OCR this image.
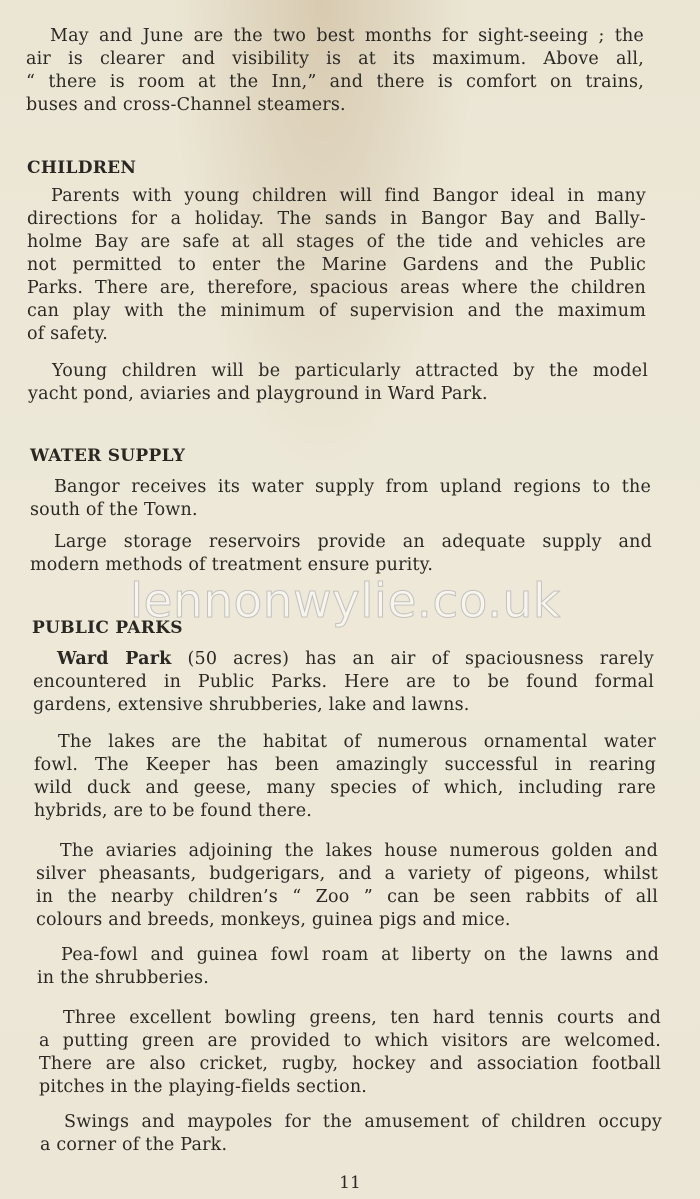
May and June are the two best months for sight-seeing ; the
air is clearer and visibility is at its maximum. Above all,
“ there is room at the Inn,” and there is comfort on trains,
buses and cross-Channel steamers.
CHILDREN
Parents with young children will find Bangor ideal in many
directions for a holiday. The sands in Bangor Bay and Bally-
holme Bay are safe at all stages of the tide and vehicles are
not permitted to enter the Marine Gardens and the Public
Parks. There are, therefore, spacious areas where the children
can play with the minimum of supervision and the maximum
of safety.
Young children will be particularly attracted by the model
yacht pond, aviaries and playground in Ward Park.
WATER SUPPLY
Bangor receives its water supply from upland regions to the
south of the Town.
Large storage reservoirs provide an adequate supply and
modern methods of treatment ensure purity.
PUBLIC PARKS
Ward Park (50 acres) has an air of spaciousness rarely
encountered in Public Parks. Here are to be found formal
gardens, extensive shrubberies, lake and lawns.
The lakes are the habitat of numerous ornamental water
fowl. The Keeper has been amazingly successful in rearing
wild duck and geese, many species of which, including rare
hybrids, are to be found there.
The aviaries adjoining the lakes house numerous golden and
silver pheasants, budgerigars, and a variety of pigeons, whilst
in the nearby children’s “ Zoo ” can be seen rabbits of all
colours and breeds, monkeys, guinea pigs and mice.
Pea-fowl and guinea fowl roam at liberty on the lawns and
in the shrubberies.
Three excellent bowling greens, ten hard tennis courts and
a putting green are provided to which visitors are welcomed.
There are also cricket, rugby, hockey and association football
pitches in the playing-fields section.
Swings and maypoles for the amusement of children occupy
a corner of the Park.
lennonwylie.co.uk
11
